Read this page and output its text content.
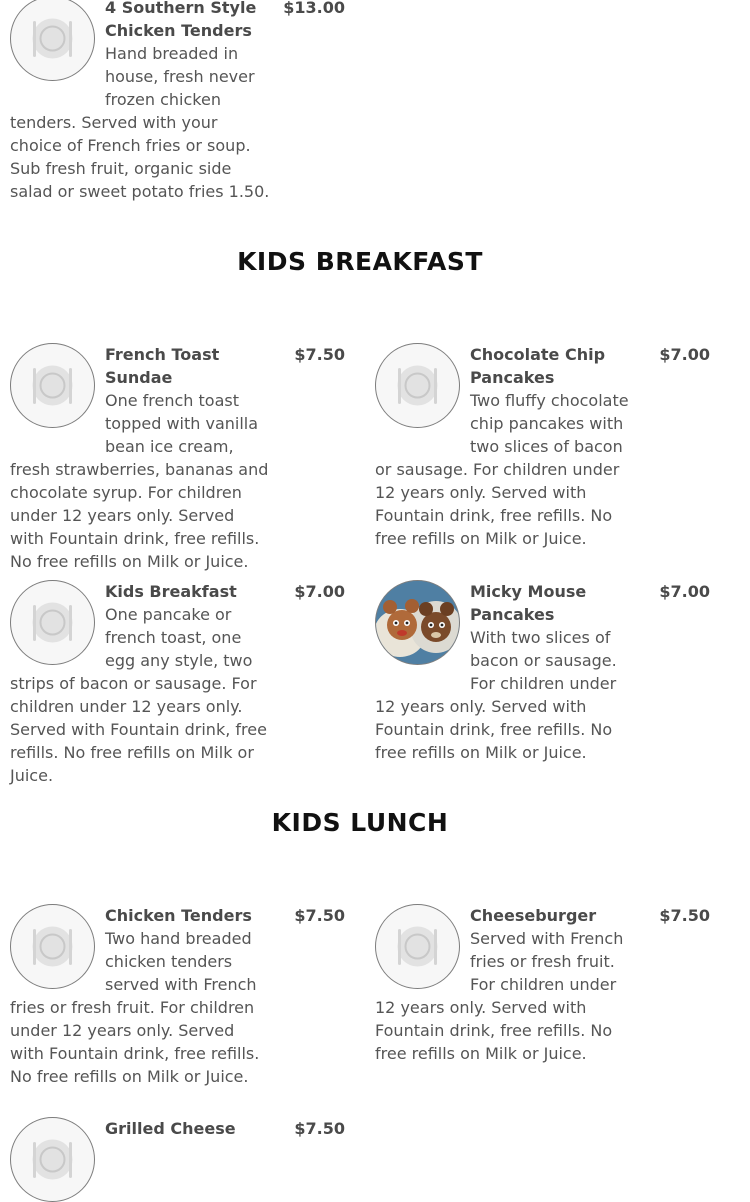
$13.00
4 Southern Style Chicken Tenders
Hand breaded in house, fresh never frozen chicken tenders. Served with your choice of French fries or soup. Sub fresh fruit, organic side salad or sweet potato fries 1.50.
KIDS BREAKFAST
$7.50
French Toast Sundae
One french toast topped with vanilla bean ice cream, fresh strawberries, bananas and chocolate syrup. For children under 12 years only. Served with Fountain drink, free refills. No free refills on Milk or Juice.
$7.00
Chocolate Chip Pancakes
Two fluffy chocolate chip pancakes with two slices of bacon or sausage. For children under 12 years only. Served with Fountain drink, free refills. No free refills on Milk or Juice.
$7.00
Kids Breakfast
One pancake or french toast, one egg any style, two strips of bacon or sausage. For children under 12 years only. Served with Fountain drink, free refills. No free refills on Milk or Juice.
$7.00
Micky Mouse Pancakes
With two slices of bacon or sausage. For children under 12 years only. Served with Fountain drink, free refills. No free refills on Milk or Juice.
KIDS LUNCH
$7.50
Chicken Tenders
Two hand breaded chicken tenders served with French fries or fresh fruit. For children under 12 years only. Served with Fountain drink, free refills. No free refills on Milk or Juice.
$7.50
Cheeseburger
Served with French fries or fresh fruit. For children under 12 years only. Served with Fountain drink, free refills. No free refills on Milk or Juice.
$7.50
Grilled Cheese
